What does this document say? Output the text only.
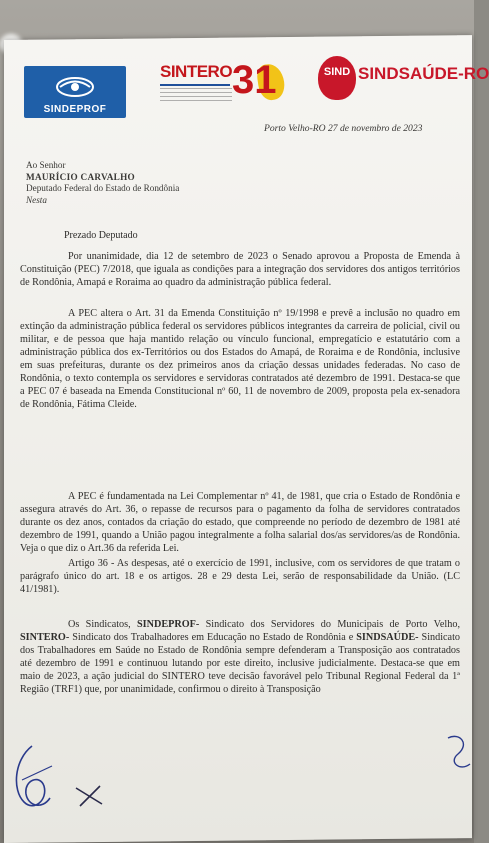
SINDEPROF
SINTERO 31	SIND SINDSAÚDE-RO
Porto Velho-RO 27 de novembro de 2023
Ao Senhor
MAURÍCIO CARVALHO
Deputado Federal do Estado de Rondônia
Nesta
Prezado Deputado
Por unanimidade, dia 12 de setembro de 2023 o Senado aprovou a Proposta de Emenda à Constituição (PEC) 7/2018, que iguala as condições para a integração dos servidores dos antigos territórios de Rondônia, Amapá e Roraima ao quadro da administração pública federal.
A PEC altera o Art. 31 da Emenda Constituição nº 19/1998 e prevê a inclusão no quadro em extinção da administração pública federal os servidores públicos integrantes da carreira de policial, civil ou militar, e de pessoa que haja mantido relação ou vínculo funcional, empregatício e estatutário com a administração pública dos ex-Territórios ou dos Estados do Amapá, de Roraima e de Rondônia, inclusive em suas prefeituras, durante os dez primeiros anos da criação dessas unidades federadas. No caso de Rondônia, o texto contempla os servidores e servidoras contratados até dezembro de 1991. Destaca-se que a PEC 07 é baseada na Emenda Constitucional nº 60, 11 de novembro de 2009, proposta pela ex-senadora de Rondônia, Fátima Cleide.
A PEC é fundamentada na Lei Complementar nº 41, de 1981, que cria o Estado de Rondônia e assegura através do Art. 36, o repasse de recursos para o pagamento da folha de servidores contratados durante os dez anos, contados da criação do estado, que compreende no período de dezembro de 1981 até dezembro de 1991, quando a União pagou integralmente a folha salarial dos/as servidores/as de Rondônia. Veja o que diz o Art.36 da referida Lei.
Artigo 36 - As despesas, até o exercício de 1991, inclusive, com os servidores de que tratam o parágrafo único do art. 18 e os artigos. 28 e 29 desta Lei, serão de responsabilidade da União. (LC 41/1981).
Os Sindicatos, SINDEPROF- Sindicato dos Servidores do Municipais de Porto Velho, SINTERO- Sindicato dos Trabalhadores em Educação no Estado de Rondônia e SINDSAÚDE- Sindicato dos Trabalhadores em Saúde no Estado de Rondônia sempre defenderam a Transposição aos contratados até dezembro de 1991 e continuou lutando por este direito, inclusive judicialmente. Destaca-se que em maio de 2023, a ação judicial do SINTERO teve decisão favorável pelo Tribunal Regional Federal da 1ª Região (TRF1) que, por unanimidade, confirmou o direito à Transposição
